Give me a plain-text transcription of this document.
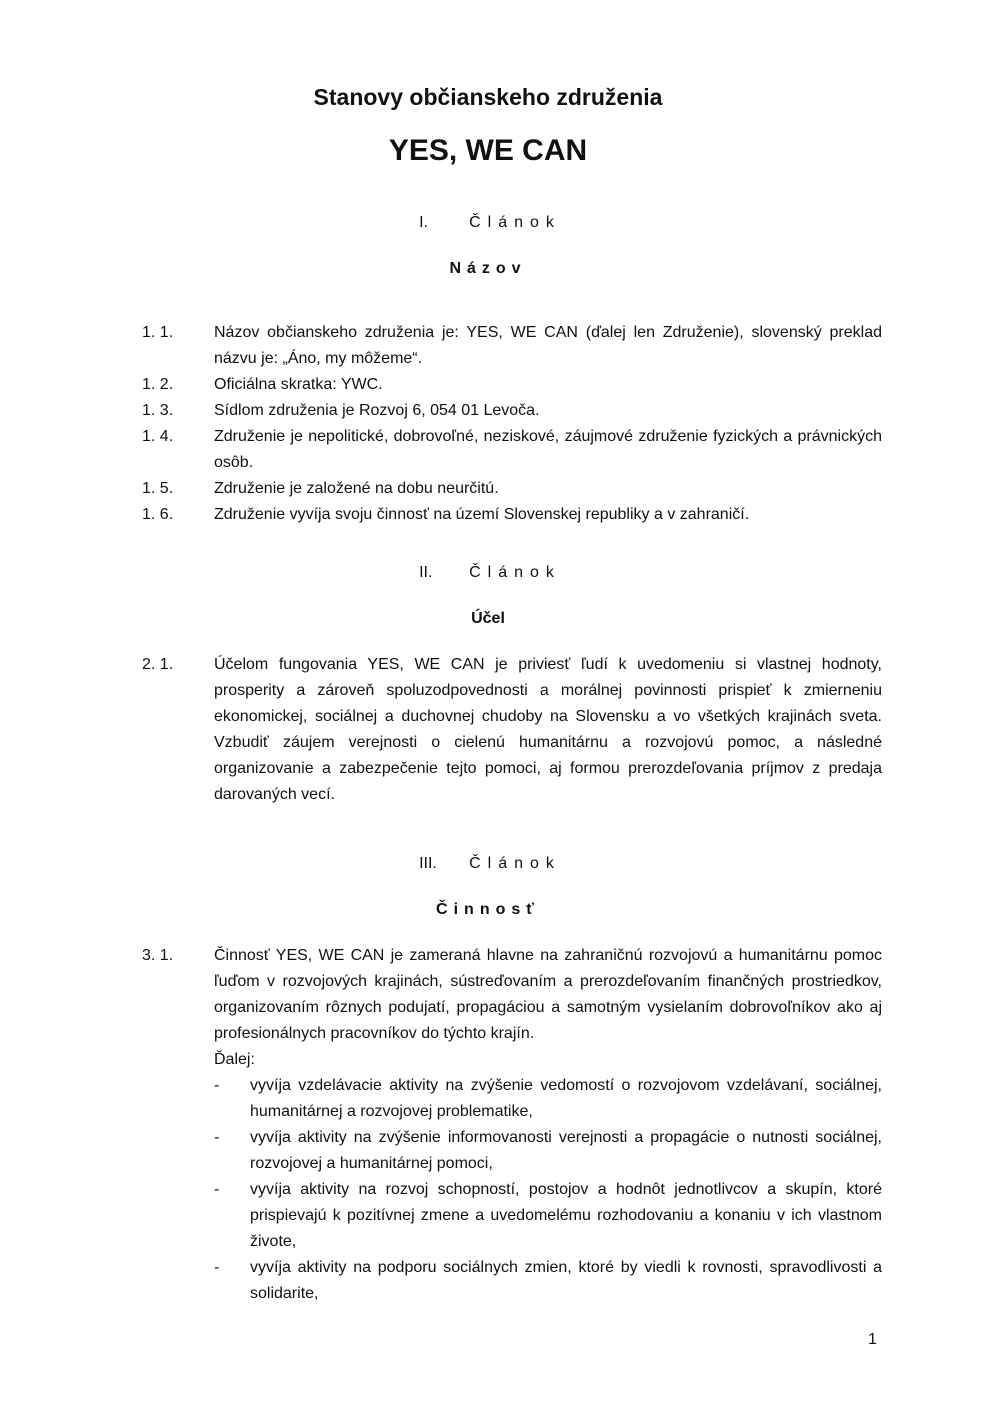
Stanovy občianskeho združenia
YES, WE CAN
I.	Článok
Názov
1. 1.	Názov občianskeho združenia je: YES, WE CAN (ďalej len Združenie), slovenský preklad názvu je: „Áno, my môžeme“.
1. 2.	Oficiálna skratka: YWC.
1. 3.	Sídlom združenia je Rozvoj 6, 054 01 Levoča.
1. 4.	Združenie je nepolitické, dobrovoľné, neziskové, záujmové združenie fyzických a právnických osôb.
1. 5.	Združenie je založené na dobu neurčitú.
1. 6.	Združenie vyvíja svoju činnosť na území Slovenskej republiky a v zahraničí.
II. Článok
Účel
2. 1.	Účelom fungovania YES, WE CAN je priviesť ľudí k uvedomeniu si vlastnej hodnoty, prosperity a zároveň spoluzodpovednosti a morálnej povinnosti prispieť k zmierneniu ekonomickej, sociálnej a duchovnej chudoby na Slovensku a vo všetkých krajinách sveta. Vzbudiť záujem verejnosti o cielenú humanitárnu a rozvojovú pomoc, a následné organizovanie a zabezpečenie tejto pomoci, aj formou prerozdeľovania príjmov z predaja darovaných vecí.
III. Článok
Činnosť
3. 1.	Činnosť YES, WE CAN je zameraná hlavne na zahraničnú rozvojovú a humanitárnu pomoc ľuďom v rozvojových krajinách, sústreďovaním a prerozdeľovaním finančných prostriedkov, organizovaním rôznych podujatí, propagáciou a samotným vysielaním dobrovoľníkov ako aj profesionálnych pracovníkov do týchto krajín.
Ďalej:
-	vyvíja vzdelávacie aktivity na zvýšenie vedomostí o rozvojovom vzdelávaní, sociálnej, humanitárnej a rozvojovej problematike,
-	vyvíja aktivity na zvýšenie informovanosti verejnosti a propagácie o nutnosti sociálnej, rozvojovej a humanitárnej pomoci,
-	vyvíja aktivity na rozvoj schopností, postojov a hodnôt jednotlivcov a skupín, ktoré prispievajú k pozitívnej zmene a uvedomelému rozhodovaniu a konaniu v ich vlastnom živote,
-	vyvíja aktivity na podporu sociálnych zmien, ktoré by viedli k rovnosti, spravodlivosti a solidarite,
1
